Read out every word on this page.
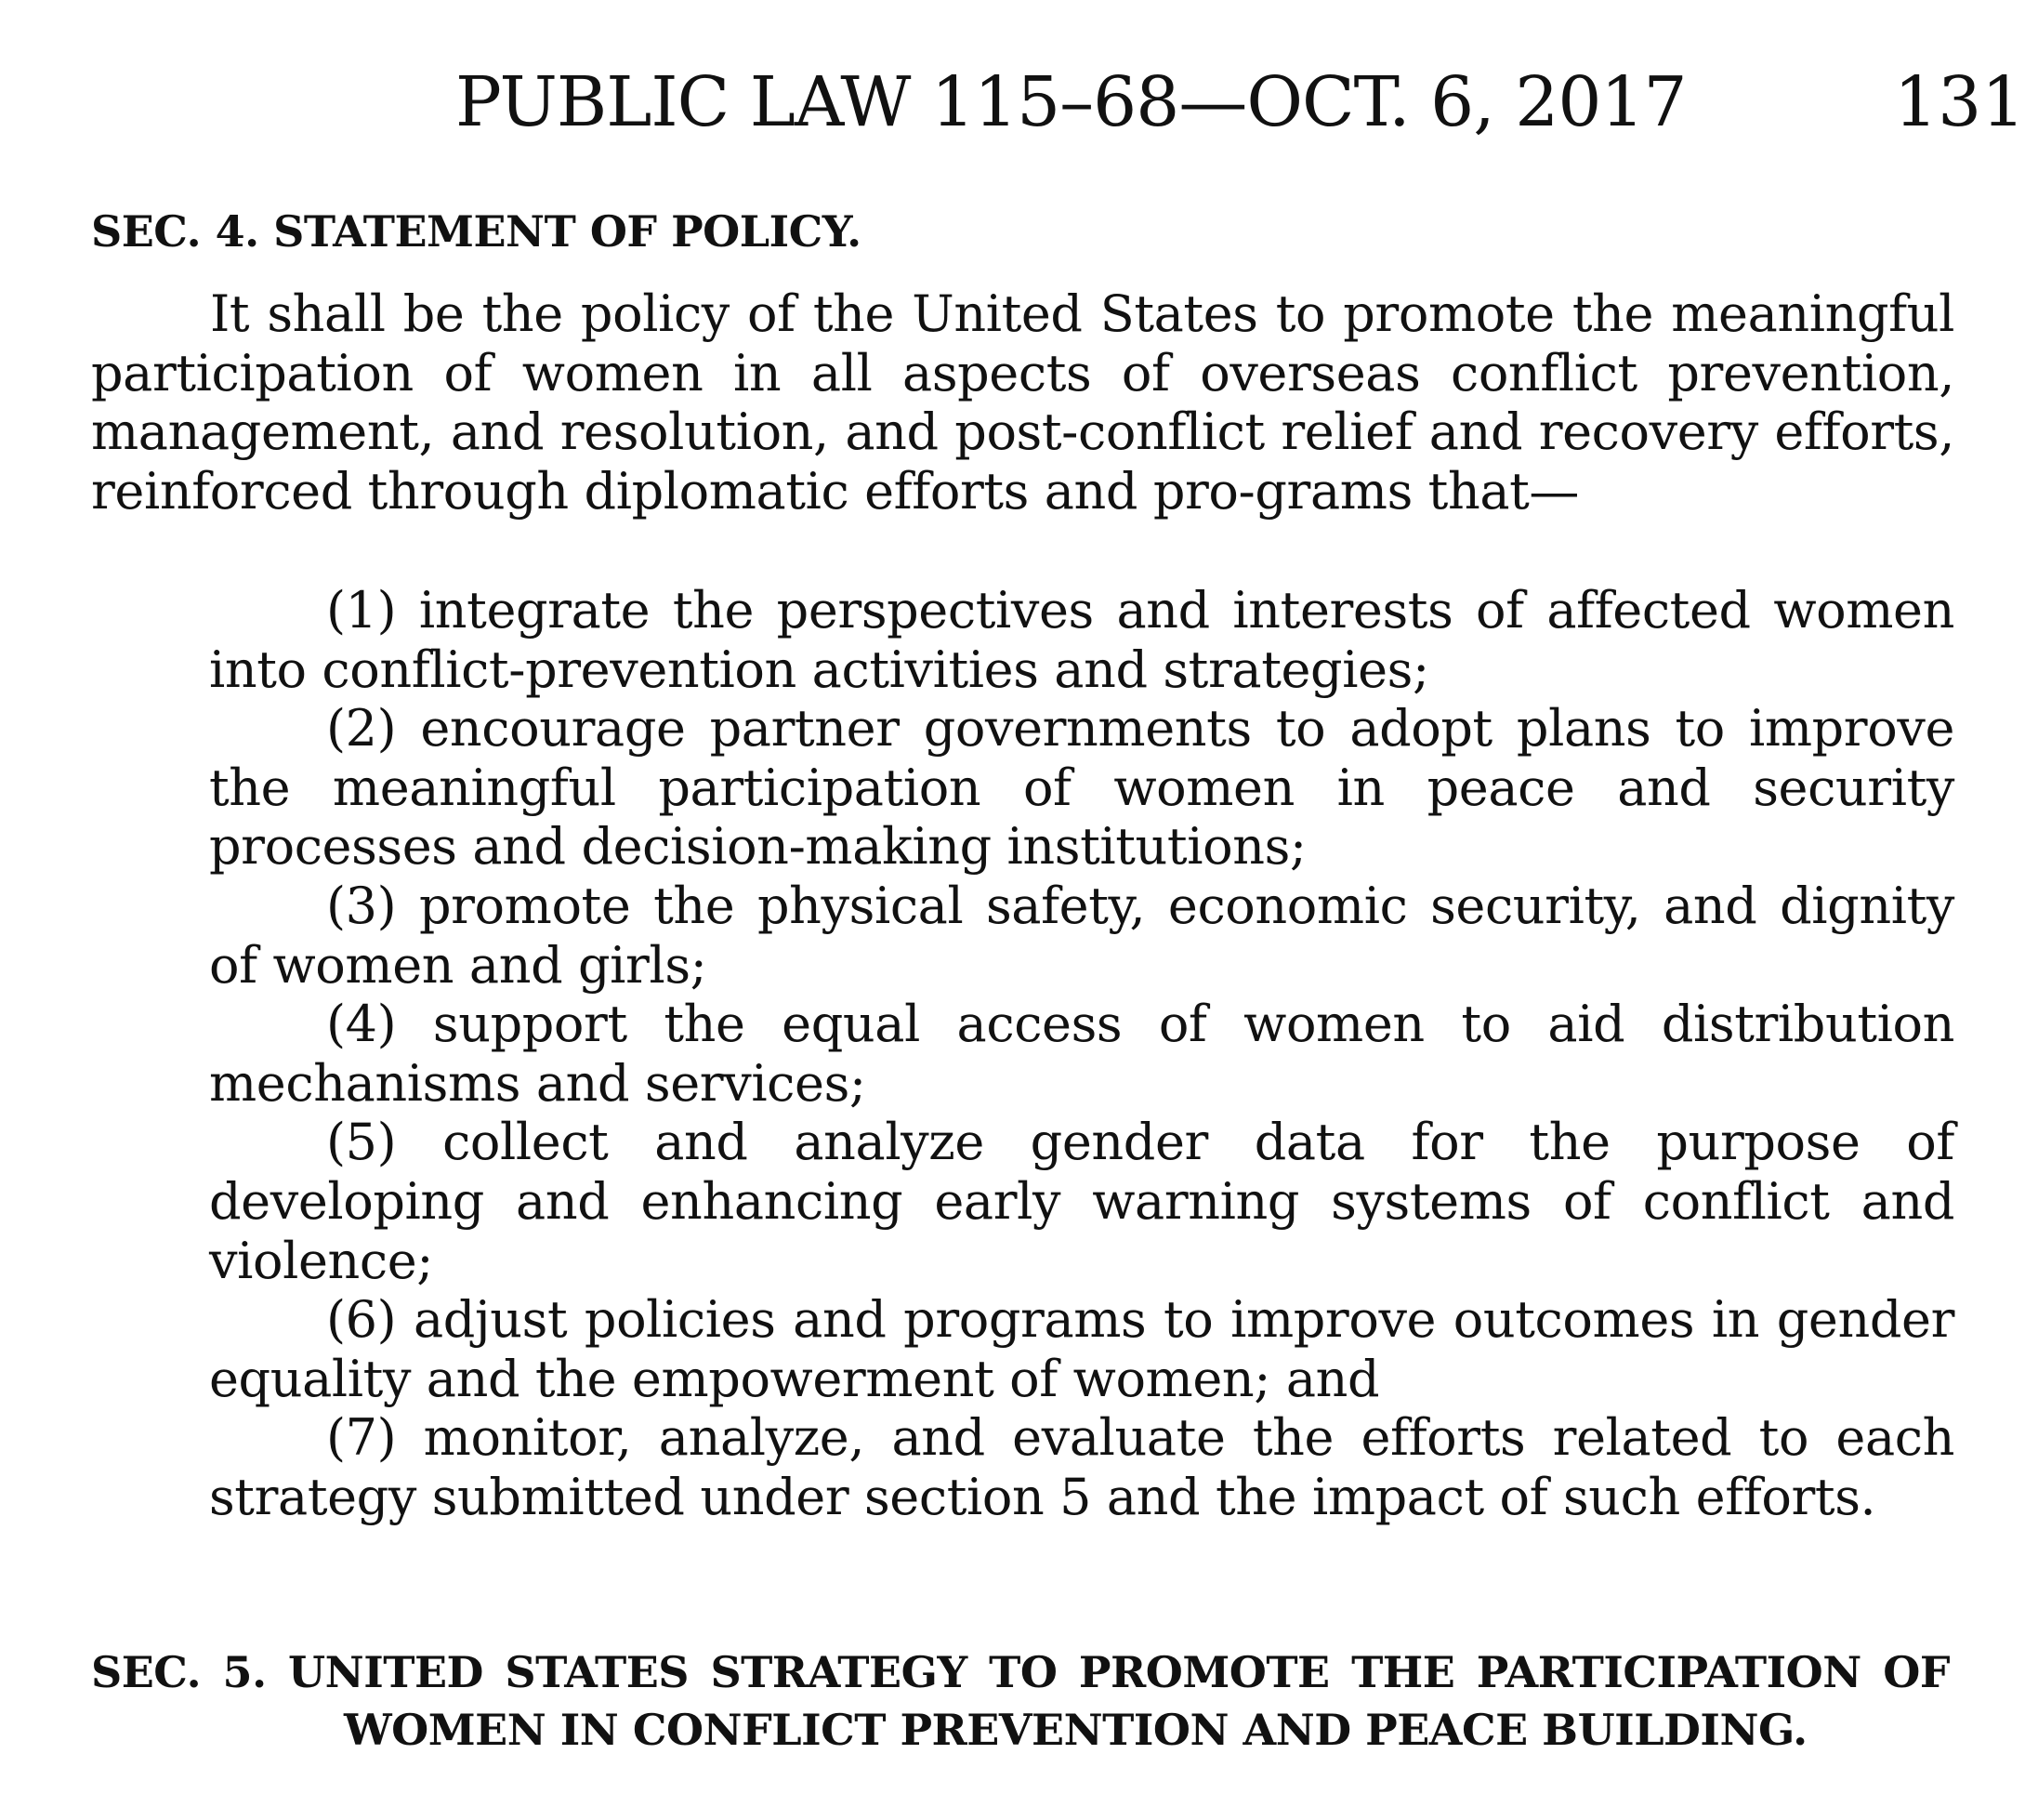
PUBLIC LAW 115–68—OCT. 6, 2017	131
SEC. 4. STATEMENT OF POLICY.

It shall be the policy of the United States to promote the meaningful participation of women in all aspects of overseas conflict prevention, management, and resolution, and post-conflict relief and recovery efforts, reinforced through diplomatic efforts and pro-grams that—

(1) integrate the perspectives and interests of affected women into conflict-prevention activities and strategies;
(2) encourage partner governments to adopt plans to improve the meaningful participation of women in peace and security processes and decision-making institutions;
(3) promote the physical safety, economic security, and dignity of women and girls;
(4) support the equal access of women to aid distribution mechanisms and services;
(5) collect and analyze gender data for the purpose of developing and enhancing early warning systems of conflict and violence;
(6) adjust policies and programs to improve outcomes in gender equality and the empowerment of women; and
(7) monitor, analyze, and evaluate the efforts related to each strategy submitted under section 5 and the impact of such efforts.
SEC. 5. UNITED STATES STRATEGY TO PROMOTE THE PARTICIPATION OF WOMEN IN CONFLICT PREVENTION AND PEACE BUILDING.
